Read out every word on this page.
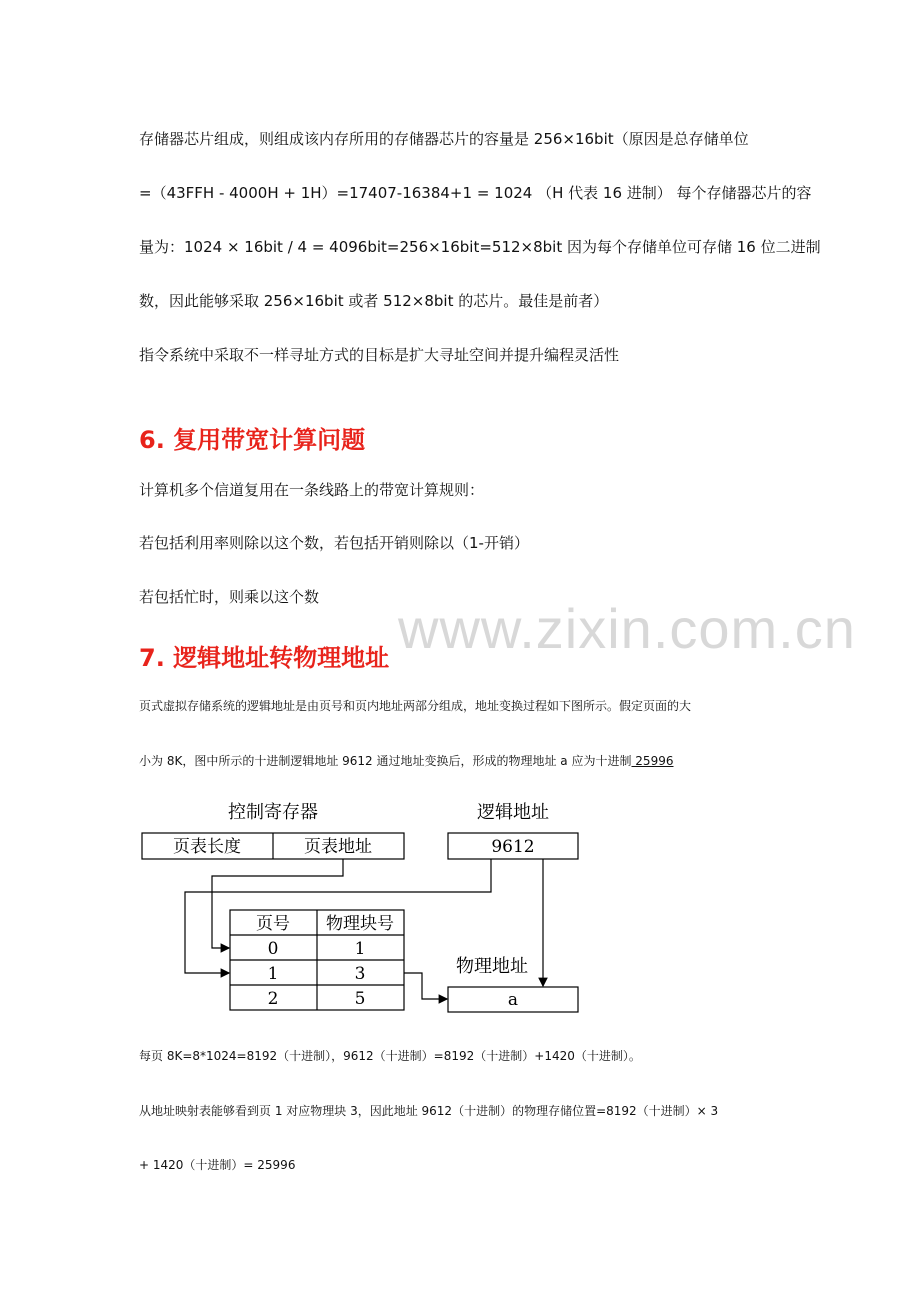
存储器芯片组成，则组成该内存所用的存储器芯片的容量是 256×16bit（原因是总存储单位
=（43FFH - 4000H + 1H）=17407-16384+1 = 1024 （H 代表 16 进制） 每个存储器芯片的容
量为：1024 × 16bit / 4 = 4096bit=256×16bit=512×8bit 因为每个存储单位可存储 16 位二进制
数，因此能够采取 256×16bit 或者 512×8bit 的芯片。最佳是前者）
指令系统中采取不一样寻址方式的目标是扩大寻址空间并提升编程灵活性
6. 复用带宽计算问题
计算机多个信道复用在一条线路上的带宽计算规则：
若包括利用率则除以这个数，若包括开销则除以（1-开销）
若包括忙时，则乘以这个数 www.zixin.com.cn
7. 逻辑地址转物理地址
页式虚拟存储系统的逻辑地址是由页号和页内地址两部分组成，地址变换过程如下图所示。假定页面的大
小为 8K，图中所示的十进制逻辑地址 9612 通过地址变换后，形成的物理地址 a 应为十进制 25996
控制寄存器
页表长度	页表地址
逻辑地址
9612
页号 物理块号
0	1
1	3
2	5
物理地址
a
每页 8K=8*1024=8192（十进制），9612（十进制）=8192（十进制）+1420（十进制）。
从地址映射表能够看到页 1 对应物理块 3，因此地址 9612（十进制）的物理存储位置=8192（十进制）× 3
+ 1420（十进制）= 25996
